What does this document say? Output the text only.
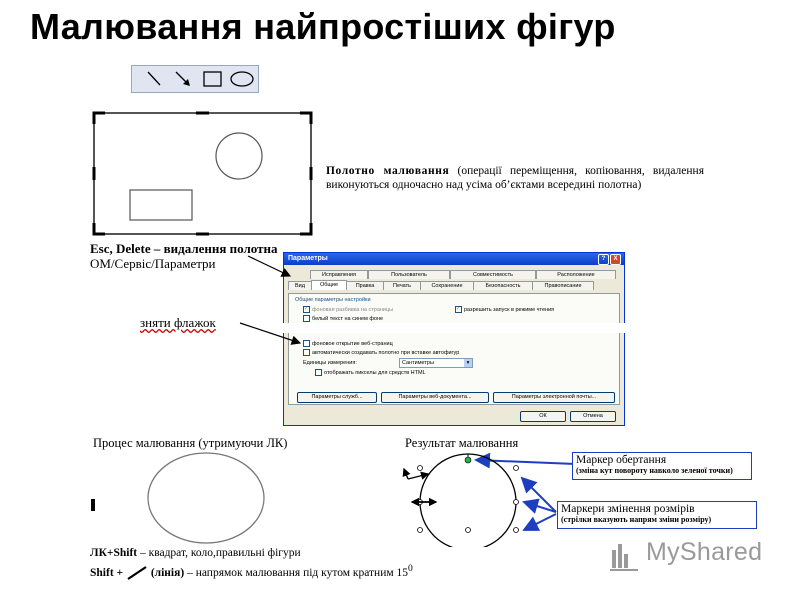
Малювання найпростіших фігур
Полотно малювання (операції переміщення, копіювання, видалення виконуються одночасно над усіма об’єктами всередині полотна)
Esc, Delete – видалення полотна
ОМ/Сервіс/Параметри
зняти флажок
Параметры	?	X
Исправления	Пользователь	Совместимость	Расположение
Вид	Общие	Правка	Печать	Сохранение	Безопасность	Правописание
Общие параметры настройки
✓фоновая разбивка на страницы
✓	разрешить запуск в режиме чтения
белый текст на синем фоне
фоновое открытие веб-страниц
автоматически создавать полотно при вставке автофигур
Единицы измерения:	Сантиметры	▾
отображать пикселы для средств HTML
Параметры служб...	Параметры веб-документа...	Параметры электронной почты...
ОК	Отмена
Процес малювання (утримуючи ЛК)	Результат малювання
Маркер обертання
(зміна кут повороту навколо зеленої точки)
Маркери змінення розмірів
(стрілки вказують напрям зміни розміру)
ЛК+Shift – квадрат, коло,правильні фігури
Shift + (лінія) – напрямок малювання під кутом кратним $15^0$
MyShared
